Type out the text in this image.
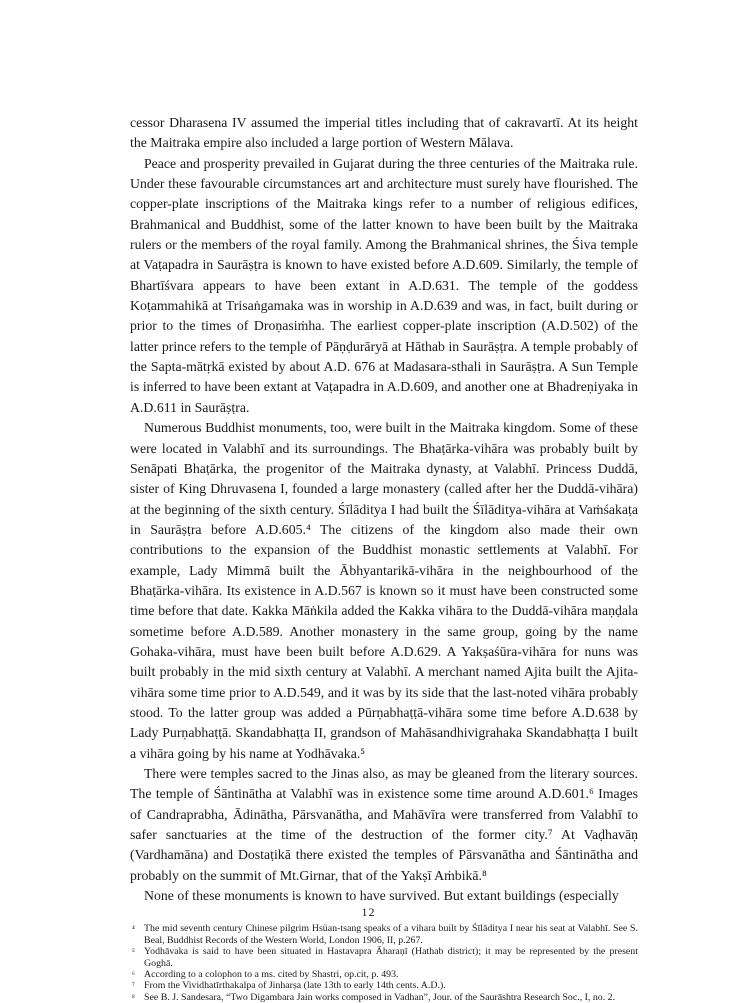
cessor Dharasena IV assumed the imperial titles including that of cakravartī. At its height the Maitraka empire also included a large portion of Western Mālava.

Peace and prosperity prevailed in Gujarat during the three centuries of the Maitraka rule. Under these favourable circumstances art and architecture must surely have flourished. The copper-plate inscriptions of the Maitraka kings refer to a number of religious edifices, Brahmanical and Buddhist, some of the latter known to have been built by the Maitraka rulers or the members of the royal family. Among the Brahmanical shrines, the Śiva temple at Vaṭapadra in Saurāṣṭra is known to have existed before A.D.609. Similarly, the temple of Bhartīśvara appears to have been extant in A.D.631. The temple of the goddess Koṭammahikā at Trisaṅgamaka was in worship in A.D.639 and was, in fact, built during or prior to the times of Droṇasiṁha. The earliest copper-plate inscription (A.D.502) of the latter prince refers to the temple of Pāṇḍurāryā at Hāthab in Saurāṣṭra. A temple probably of the Sapta-mātṛkā existed by about A.D. 676 at Madasara-sthali in Saurāṣṭra. A Sun Temple is inferred to have been extant at Vaṭapadra in A.D.609, and another one at Bhadreṇiyaka in A.D.611 in Saurāṣṭra.

Numerous Buddhist monuments, too, were built in the Maitraka kingdom. Some of these were located in Valabhī and its surroundings. The Bhaṭārka-vihāra was probably built by Senāpati Bhaṭārka, the progenitor of the Maitraka dynasty, at Valabhī. Princess Duddā, sister of King Dhruvasena I, founded a large monastery (called after her the Duddā-vihāra) at the beginning of the sixth century. Śīlāditya I had built the Śīlāditya-vihāra at Vaṁśakaṭa in Saurāṣṭra before A.D.605.⁴ The citizens of the kingdom also made their own contributions to the expansion of the Buddhist monastic settlements at Valabhī. For example, Lady Mimmā built the Ābhyantarikā-vihāra in the neighbourhood of the Bhaṭārka-vihāra. Its existence in A.D.567 is known so it must have been constructed some time before that date. Kakka Māṅkila added the Kakka vihāra to the Duddā-vihāra maṇḍala sometime before A.D.589. Another monastery in the same group, going by the name Gohaka-vihāra, must have been built before A.D.629. A Yakṣaśūra-vihāra for nuns was built probably in the mid sixth century at Valabhī. A merchant named Ajita built the Ajita-vihāra some time prior to A.D.549, and it was by its side that the last-noted vihāra probably stood. To the latter group was added a Pūrṇabhaṭṭā-vihāra some time before A.D.638 by Lady Purṇabhaṭṭā. Skandabhaṭṭa II, grandson of Mahāsandhivigrahaka Skandabhaṭṭa I built a vihāra going by his name at Yodhāvaka.⁵

There were temples sacred to the Jinas also, as may be gleaned from the literary sources. The temple of Śāntinātha at Valabhī was in existence some time around A.D.601.⁶ Images of Candraprabha, Ādinātha, Pārsvanātha, and Mahāvīra were transferred from Valabhī to safer sanctuaries at the time of the destruction of the former city.⁷ At Vaḍhavāṇ (Vardhamāna) and Dostaṭikā there existed the temples of Pārsvanātha and Śāntinātha and probably on the summit of Mt.Girnar, that of the Yakṣī Aṁbikā.⁸

None of these monuments is known to have survived. But extant buildings (especially

⁴ The mid seventh century Chinese pilgrim Hsüan-tsang speaks of a vihara built by Śīlāditya I near his seat at Valabhī. See S. Beal, Buddhist Records of the Western World, London 1906, II, p.267.

⁵ Yodhāvaka is said to have been situated in Hastavapra Āharaṇī (Hathab district); it may be represented by the present Goghā.

⁶ According to a colophon to a ms. cited by Shastri, op.cit, p. 493.

⁷ From the Vividhatīrthakalpa of Jinharṣa (late 13th to early 14th cents. A.D.).

⁸ See B. J. Sandesara, “Two Digambara Jain works composed in Vadhan”, Jour. of the Saurāshtra Research Soc., I, no. 2.

12
